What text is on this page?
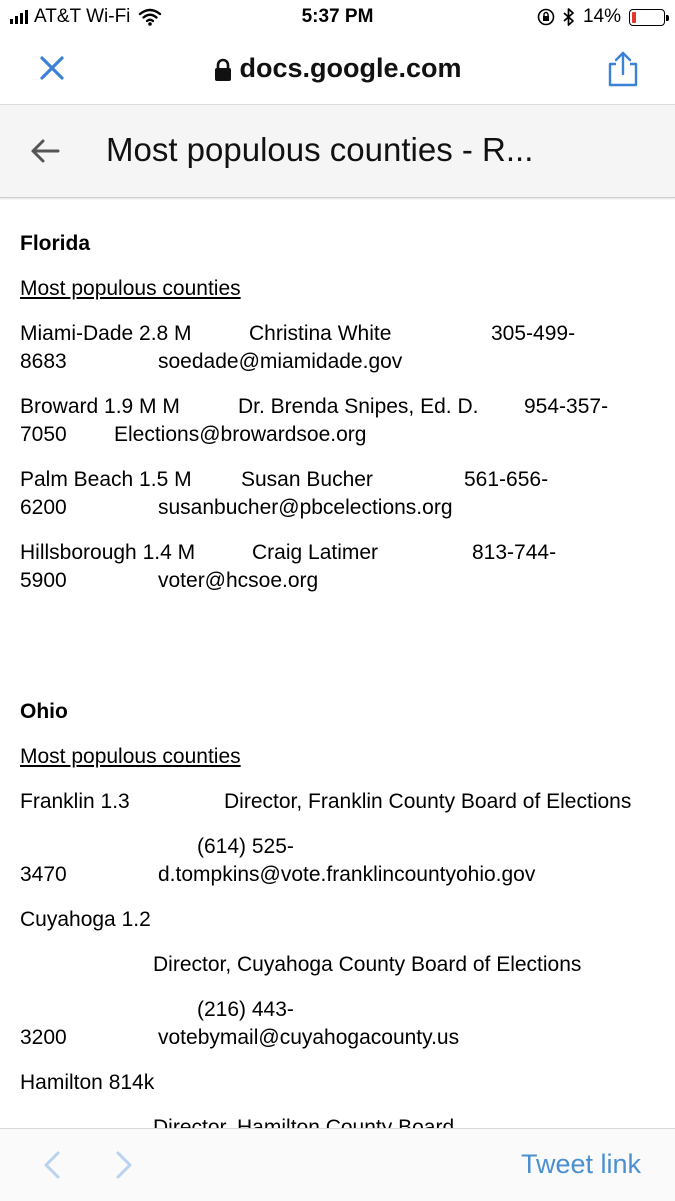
AT&T Wi-Fi	5:37 PM	14%
docs.google.com
Most populous counties - R...
Florida
Most populous counties
Miami-Dade 2.8 M	Christina White	305-499-
8683	soedade@miamidade.gov
Broward 1.9 M M	Dr. Brenda Snipes, Ed. D. 954-357-
7050 Elections@browardsoe.org
Palm Beach 1.5 M Susan Bucher	561-656-
6200	susanbucher@pbcelections.org
Hillsborough 1.4 M	Craig Latimer	813-744-
5900	voter@hcsoe.org
Ohio
Most populous counties
Franklin 1.3	Director, Franklin County Board of Elections
(614) 525-
3470	d.tompkins@vote.franklincountyohio.gov
Cuyahoga 1.2
Director, Cuyahoga County Board of Elections
(216) 443-
3200	votebymail@cuyahogacounty.us
Hamilton 814k
Tweet link
